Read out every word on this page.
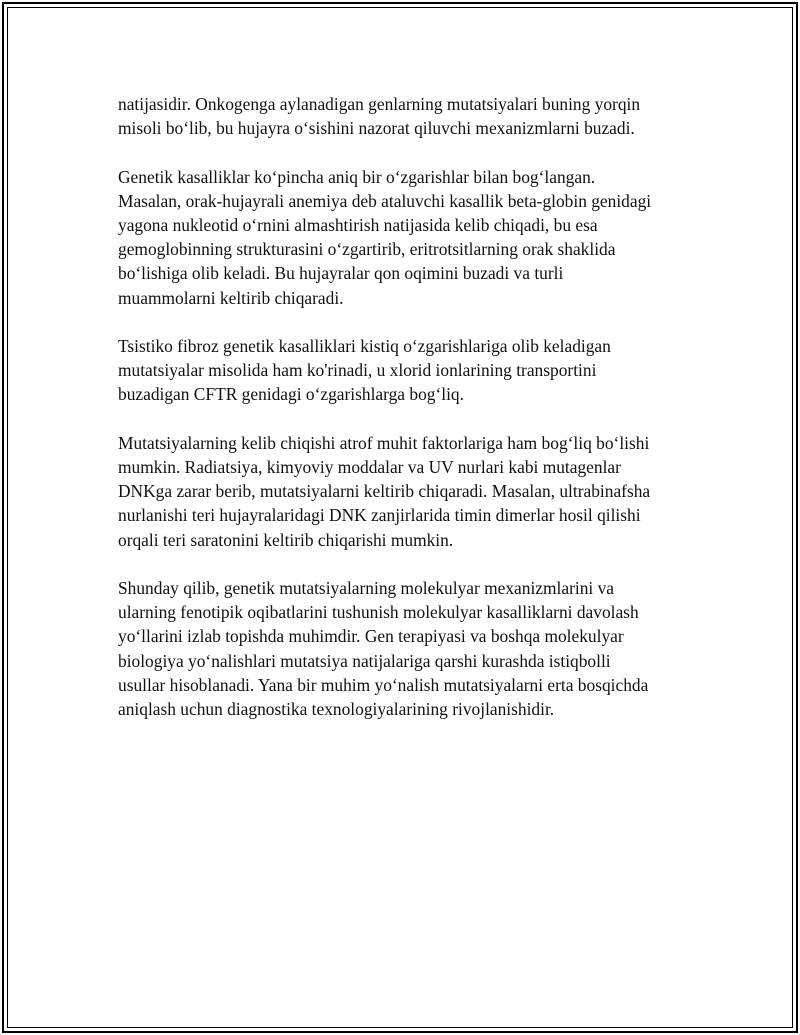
natijasidir. Onkogenga aylanadigan genlarning mutatsiyalari buning yorqin
misoli bo‘lib, bu hujayra o‘sishini nazorat qiluvchi mexanizmlarni buzadi.

Genetik kasalliklar ko‘pincha aniq bir o‘zgarishlar bilan bog‘langan.
Masalan, orak-hujayrali anemiya deb ataluvchi kasallik beta-globin genidagi
yagona nukleotid o‘rnini almashtirish natijasida kelib chiqadi, bu esa
gemoglobinning strukturasini o‘zgartirib, eritrotsitlarning orak shaklida
bo‘lishiga olib keladi. Bu hujayralar qon oqimini buzadi va turli
muammolarni keltirib chiqaradi.

Tsistiko fibroz genetik kasalliklari kistiq o‘zgarishlariga olib keladigan
mutatsiyalar misolida ham ko'rinadi, u xlorid ionlarining transportini
buzadigan CFTR genidagi o‘zgarishlarga bog‘liq.

Mutatsiyalarning kelib chiqishi atrof muhit faktorlariga ham bog‘liq bo‘lishi
mumkin. Radiatsiya, kimyoviy moddalar va UV nurlari kabi mutagenlar
DNKga zarar berib, mutatsiyalarni keltirib chiqaradi. Masalan, ultrabinafsha
nurlanishi teri hujayralaridagi DNK zanjirlarida timin dimerlar hosil qilishi
orqali teri saratonini keltirib chiqarishi mumkin.

Shunday qilib, genetik mutatsiyalarning molekulyar mexanizmlarini va
ularning fenotipik oqibatlarini tushunish molekulyar kasalliklarni davolash
yo‘llarini izlab topishda muhimdir. Gen terapiyasi va boshqa molekulyar
biologiya yo‘nalishlari mutatsiya natijalariga qarshi kurashda istiqbolli
usullar hisoblanadi. Yana bir muhim yo‘nalish mutatsiyalarni erta bosqichda
aniqlash uchun diagnostika texnologiyalarining rivojlanishidir.
